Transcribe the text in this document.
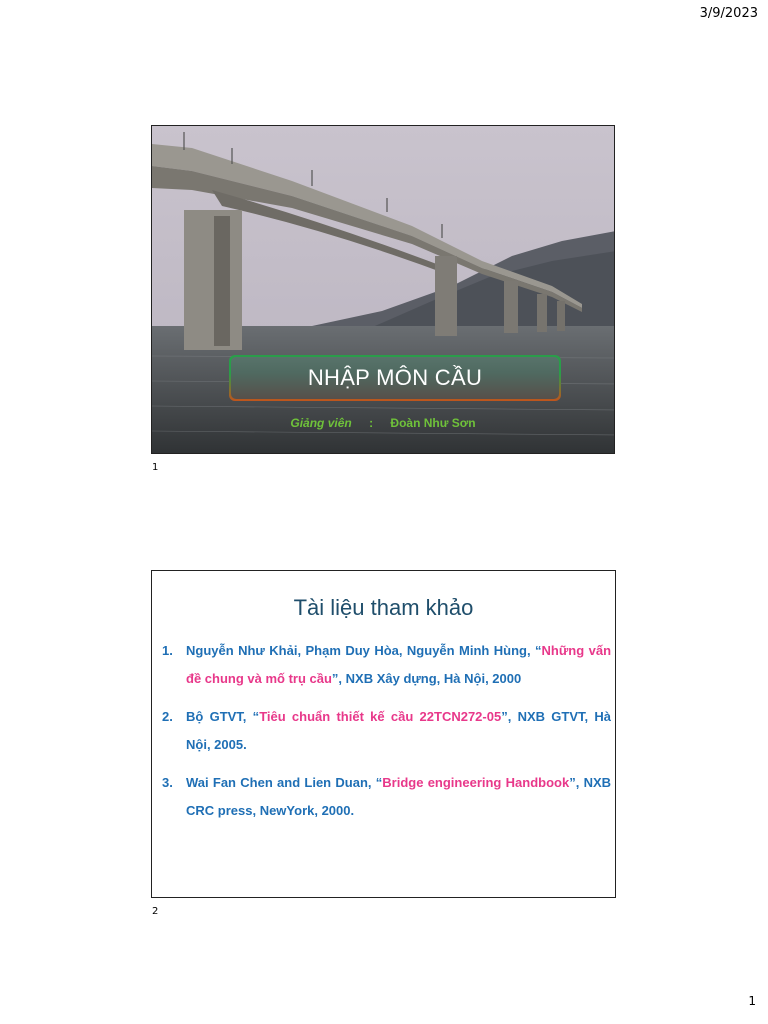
3/9/2023
NHẬP MÔN CẦU
Giảng viên : Đoàn Như Sơn
1
Tài liệu tham khảo
1.	Nguyễn Như Khải, Phạm Duy Hòa, Nguyễn Minh Hùng, “Những vấn đề chung và mố trụ cầu”, NXB Xây dựng, Hà Nội, 2000
2.	Bộ GTVT, “Tiêu chuẩn thiết kế cầu 22TCN272-05”, NXB GTVT, Hà Nội, 2005.
3.	Wai Fan Chen and Lien Duan, “Bridge engineering Handbook”, NXB CRC press, NewYork, 2000.
2
1
